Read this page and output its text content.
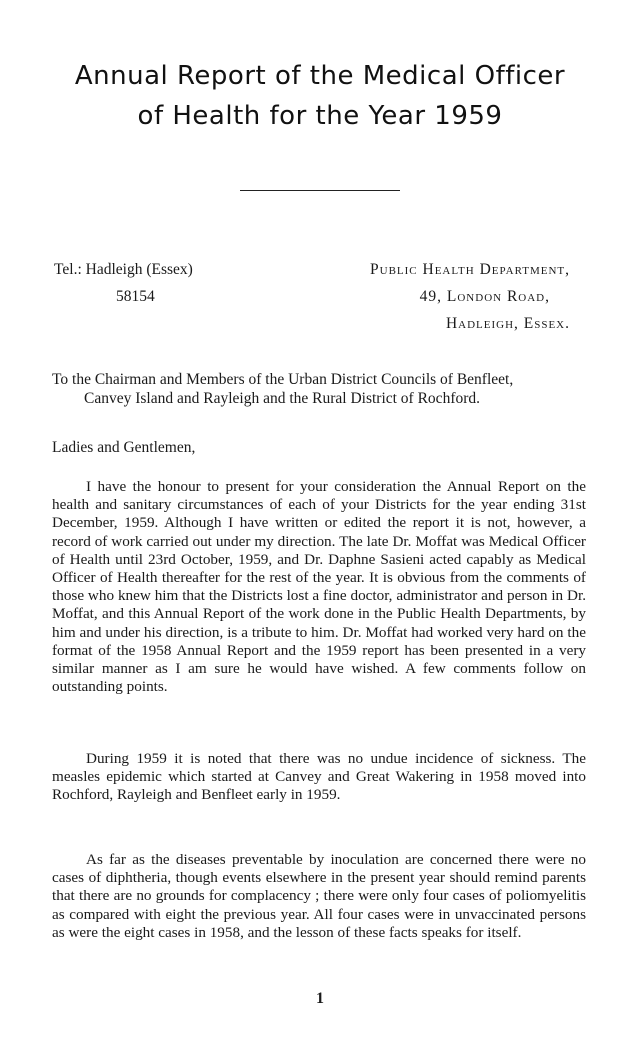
Annual Report of the Medical Officer
of Health for the Year 1959
Tel.: Hadleigh (Essex)
58154
Public Health Department,
49, London Road,
Hadleigh, Essex.
To the Chairman and Members of the Urban District Councils of Benfleet,
Canvey Island and Rayleigh and the Rural District of Rochford.
Ladies and Gentlemen,

I have the honour to present for your consideration the Annual Report on the health and sanitary circumstances of each of your Districts for the year ending 31st December, 1959. Although I have written or edited the report it is not, however, a record of work carried out under my direction. The late Dr. Moffat was Medical Officer of Health until 23rd October, 1959, and Dr. Daphne Sasieni acted capably as Medical Officer of Health thereafter for the rest of the year. It is obvious from the comments of those who knew him that the Districts lost a fine doctor, administrator and person in Dr. Moffat, and this Annual Report of the work done in the Public Health Departments, by him and under his direction, is a tribute to him. Dr. Moffat had worked very hard on the format of the 1958 Annual Report and the 1959 report has been presented in a very similar manner as I am sure he would have wished. A few comments follow on outstanding points.

During 1959 it is noted that there was no undue incidence of sickness. The measles epidemic which started at Canvey and Great Wakering in 1958 moved into Rochford, Rayleigh and Benfleet early in 1959.

As far as the diseases preventable by inoculation are concerned there were no cases of diphtheria, though events elsewhere in the present year should remind parents that there are no grounds for complacency ; there were only four cases of poliomyelitis as compared with eight the previous year. All four cases were in unvaccinated persons as were the eight cases in 1958, and the lesson of these facts speaks for itself.

1
